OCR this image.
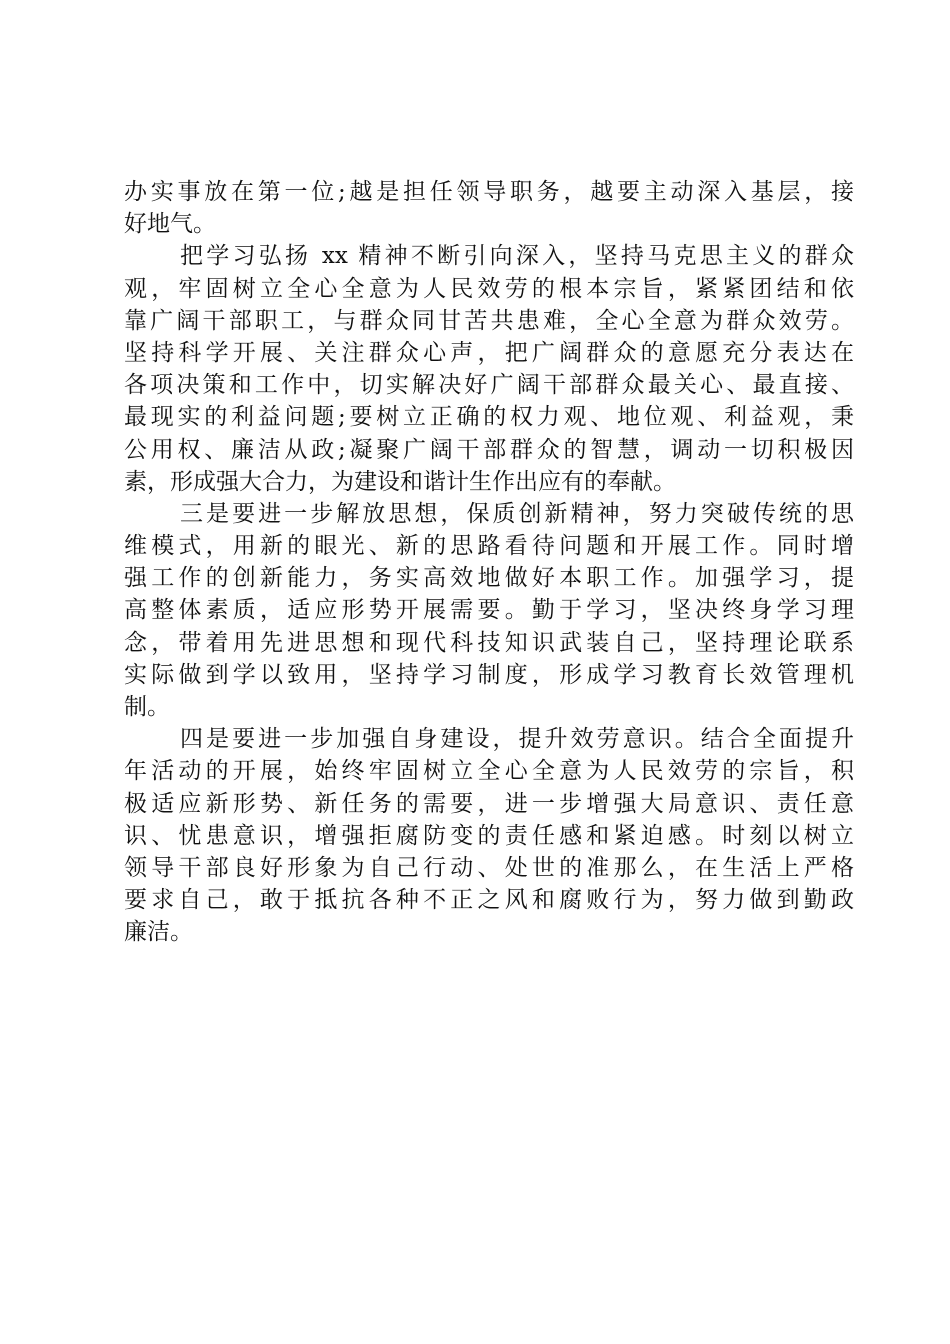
办实事放在第一位;越是担任领导职务，越要主动深入基层，接
好地气。
把学习弘扬 xx 精神不断引向深入，坚持马克思主义的群众
观，牢固树立全心全意为人民效劳的根本宗旨，紧紧团结和依
靠广阔干部职工，与群众同甘苦共患难，全心全意为群众效劳。
坚持科学开展、关注群众心声，把广阔群众的意愿充分表达在
各项决策和工作中，切实解决好广阔干部群众最关心、最直接、
最现实的利益问题;要树立正确的权力观、地位观、利益观，秉
公用权、廉洁从政;凝聚广阔干部群众的智慧，调动一切积极因
素，形成强大合力，为建设和谐计生作出应有的奉献。
三是要进一步解放思想，保质创新精神，努力突破传统的思
维模式，用新的眼光、新的思路看待问题和开展工作。同时增
强工作的创新能力，务实高效地做好本职工作。加强学习，提
高整体素质，适应形势开展需要。勤于学习，坚决终身学习理
念，带着用先进思想和现代科技知识武装自己，坚持理论联系
实际做到学以致用，坚持学习制度，形成学习教育长效管理机
制。
四是要进一步加强自身建设，提升效劳意识。结合全面提升
年活动的开展，始终牢固树立全心全意为人民效劳的宗旨，积
极适应新形势、新任务的需要，进一步增强大局意识、责任意
识、忧患意识，增强拒腐防变的责任感和紧迫感。时刻以树立
领导干部良好形象为自己行动、处世的准那么，在生活上严格
要求自己，敢于抵抗各种不正之风和腐败行为，努力做到勤政
廉洁。
